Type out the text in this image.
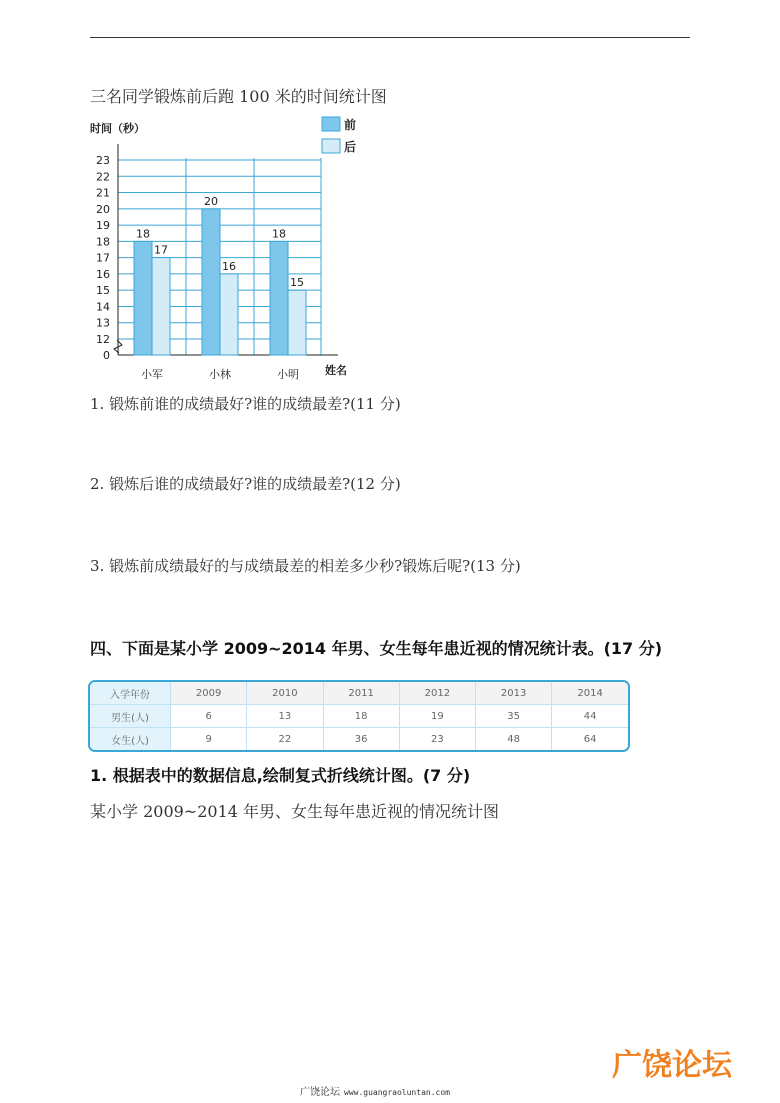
三名同学锻炼前后跑 100 米的时间统计图
0
12
13
14
15
16
17
18
19
20
21
22
23
时间（秒）
姓名
18
17
小军
20
16
小林
18
15
小明
前
后
1. 锻炼前谁的成绩最好?谁的成绩最差?(11 分)
2. 锻炼后谁的成绩最好?谁的成绩最差?(12 分)
3. 锻炼前成绩最好的与成绩最差的相差多少秒?锻炼后呢?(13 分)
四、下面是某小学 2009~2014 年男、女生每年患近视的情况统计表。(17 分)
入学年份	2009	2010	2011	2012	2013	2014
男生(人)	6	13	18	19	35	44
女生(人)	9	22	36	23	48	64
1. 根据表中的数据信息,绘制复式折线统计图。(7 分)
某小学 2009~2014 年男、女生每年患近视的情况统计图
广饶论坛 www.guangraoluntan.com
广饶论坛
